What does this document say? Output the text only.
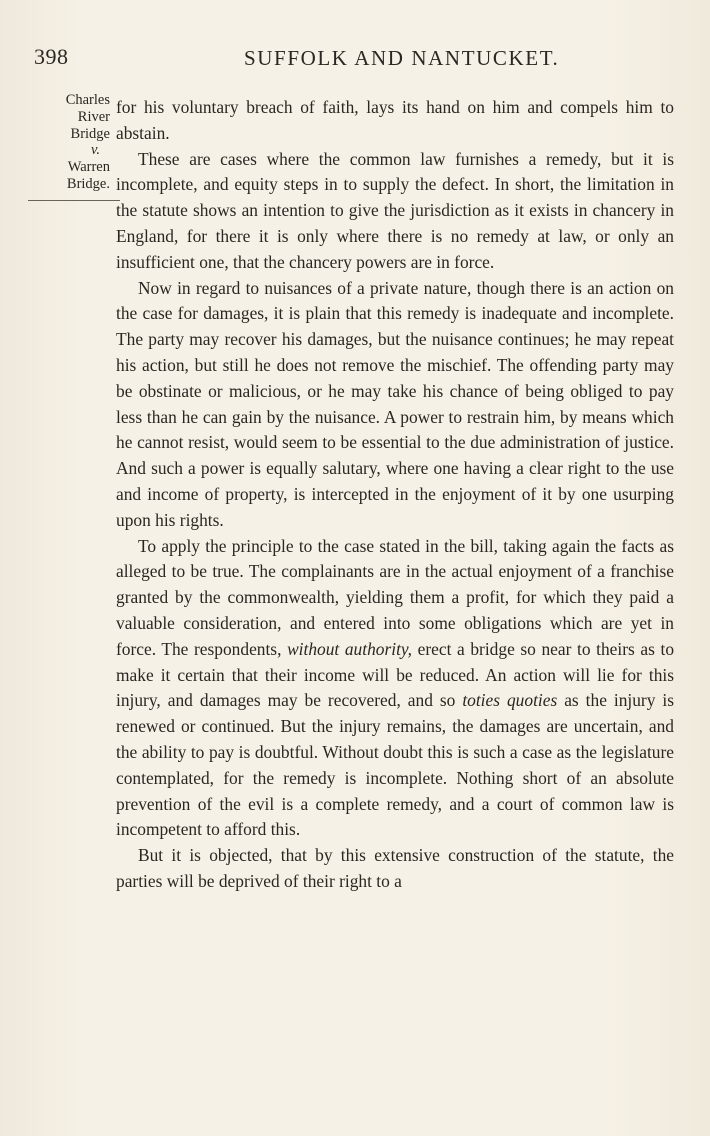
398	SUFFOLK AND NANTUCKET.
Charles
River
Bridge
v.
Warren
Bridge.

for his voluntary breach of faith, lays its hand on him and compels him to abstain.

These are cases where the common law furnishes a remedy, but it is incomplete, and equity steps in to supply the defect. In short, the limitation in the statute shows an intention to give the jurisdiction as it exists in chancery in England, for there it is only where there is no remedy at law, or only an insufficient one, that the chancery powers are in force.

Now in regard to nuisances of a private nature, though there is an action on the case for damages, it is plain that this remedy is inadequate and incomplete. The party may recover his damages, but the nuisance continues; he may repeat his action, but still he does not remove the mischief. The offending party may be obstinate or malicious, or he may take his chance of being obliged to pay less than he can gain by the nuisance. A power to restrain him, by means which he cannot resist, would seem to be essential to the due administration of justice. And such a power is equally salutary, where one having a clear right to the use and income of property, is intercepted in the enjoyment of it by one usurping upon his rights.

To apply the principle to the case stated in the bill, taking again the facts as alleged to be true. The complainants are in the actual enjoyment of a franchise granted by the commonwealth, yielding them a profit, for which they paid a valuable consideration, and entered into some obligations which are yet in force. The respondents, without authority, erect a bridge so near to theirs as to make it certain that their income will be reduced. An action will lie for this injury, and damages may be recovered, and so toties quoties as the injury is renewed or continued. But the injury remains, the damages are uncertain, and the ability to pay is doubtful. Without doubt this is such a case as the legislature contemplated, for the remedy is incomplete. Nothing short of an absolute prevention of the evil is a complete remedy, and a court of common law is incompetent to afford this.

But it is objected, that by this extensive construction of the statute, the parties will be deprived of their right to a
